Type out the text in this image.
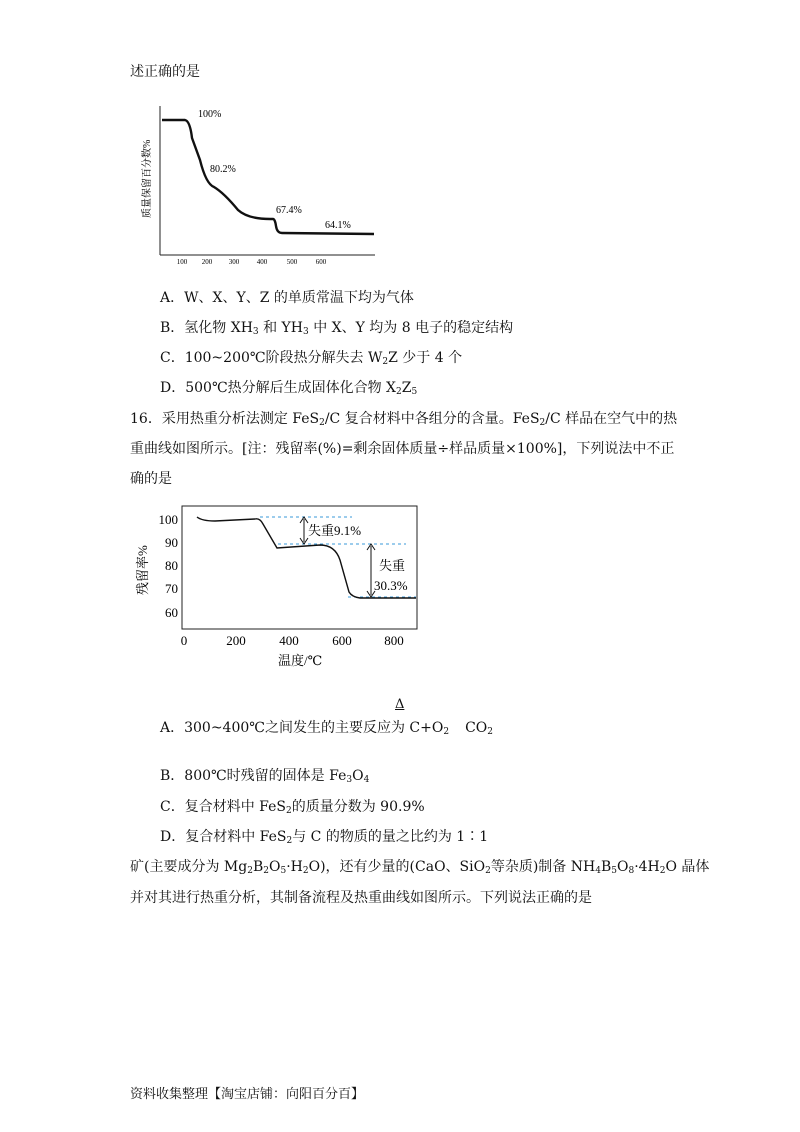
述正确的是
100%
80.2%
67.4%
64.1%
质量保留百分数%
100 200 300	400	500	600
A．W、X、Y、Z 的单质常温下均为气体
B．氢化物 $XH_3$ 和 $YH_3$ 中 X、Y 均为 8 电子的稳定结构
C．100~200℃阶段热分解失去 $W_2Z$ 少于 4 个
D．500℃热分解后生成固体化合物 $X_2Z_5$
16．采用热重分析法测定 FeS$_2$/C 复合材料中各组分的含量。FeS$_2$/C 样品在空气中的热
重曲线如图所示。[注：残留率(%)=剩余固体质量÷样品质量×100%]，下列说法中不正
确的是
失重9.1%
失重
30.3%
100
90
80
70
60
0	200	400	600	800
残留率%
温度/℃
Δ
A．300~400℃之间发生的主要反应为 $C+O_2$ $CO_2$
B．800℃时残留的固体是 $Fe_3O_4$
C．复合材料中 FeS$_2$的质量分数为 90.9%
D．复合材料中 FeS$_2$与 C 的物质的量之比约为 1∶1
矿(主要成分为 $Mg_2B_2O_5\cdot H_2O$)，还有少量的(CaO、SiO$_2$等杂质)制备 $NH_4B_5O_8\cdot 4H_2O$ 晶体
并对其进行热重分析，其制备流程及热重曲线如图所示。下列说法正确的是
资料收集整理【淘宝店铺：向阳百分百】
